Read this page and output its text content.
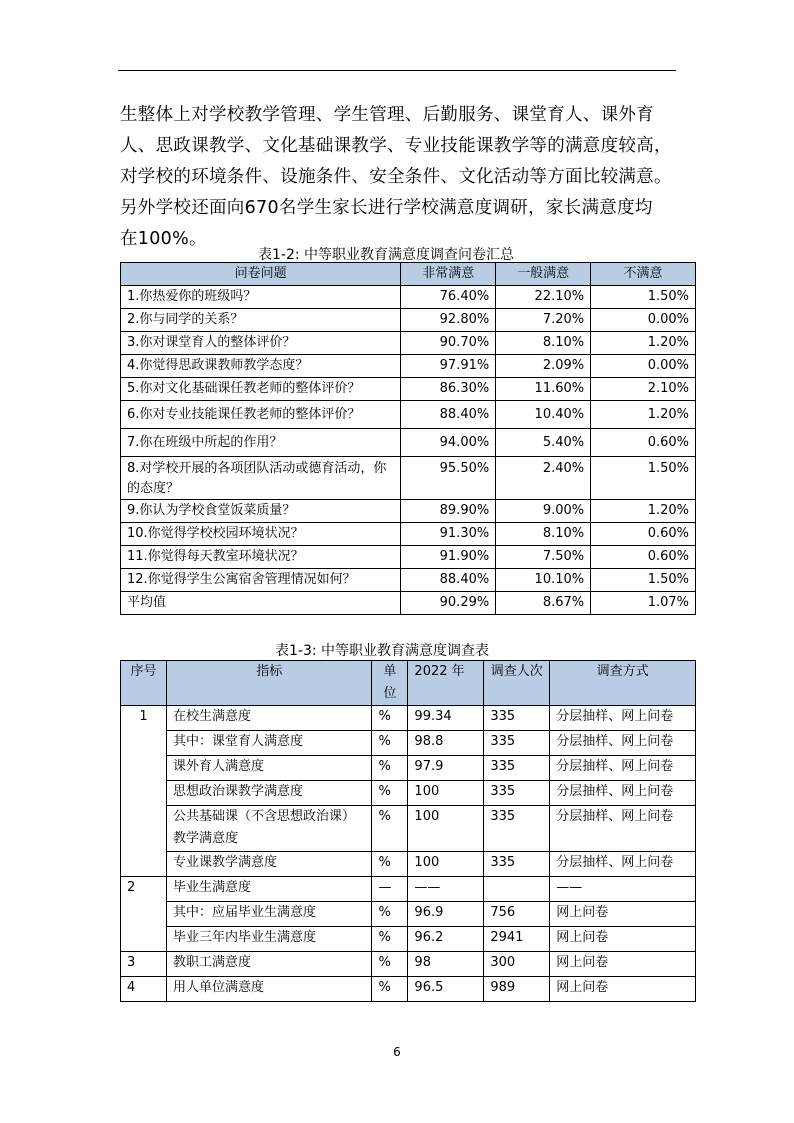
生整体上对学校教学管理、学生管理、后勤服务、课堂育人、课外育
人、思政课教学、文化基础课教学、专业技能课教学等的满意度较高，
对学校的环境条件、设施条件、安全条件、文化活动等方面比较满意。
另外学校还面向670名学生家长进行学校满意度调研，家长满意度均
在100%。
表1-2: 中等职业教育满意度调查问卷汇总
问卷问题	非常满意	一般满意	不满意
1.你热爱你的班级吗？	76.40%	22.10%	1.50%
2.你与同学的关系？	92.80%	7.20%	0.00%
3.你对课堂育人的整体评价？	90.70%	8.10%	1.20%
4.你觉得思政课教师教学态度？	97.91%	2.09%	0.00%
5.你对文化基础课任教老师的整体评价？	86.30%	11.60%	2.10%
6.你对专业技能课任教老师的整体评价？	88.40%	10.40%	1.20%
7.你在班级中所起的作用？	94.00%	5.40%	0.60%
8.对学校开展的各项团队活动或德育活动，你的态度？	95.50%	2.40%	1.50%
9.你认为学校食堂饭菜质量？	89.90%	9.00%	1.20%
10.你觉得学校校园环境状况？	91.30%	8.10%	0.60%
11.你觉得每天教室环境状况？	91.90%	7.50%	0.60%
12.你觉得学生公寓宿舍管理情况如何？	88.40%	10.10%	1.50%
平均值	90.29%	8.67%	1.07%
表1-3: 中等职业教育满意度调查表
序号	指标	单位	2022 年	调查人次	调查方式
1	在校生满意度	%	99.34	335	分层抽样、网上问卷
	其中：课堂育人满意度	%	98.8	335	分层抽样、网上问卷
	课外育人满意度	%	97.9	335	分层抽样、网上问卷
	思想政治课教学满意度	%	100	335	分层抽样、网上问卷
	公共基础课（不含思想政治课）教学满意度	%	100	335	分层抽样、网上问卷
	专业课教学满意度	%	100	335	分层抽样、网上问卷
2	毕业生满意度	—	——		——
	其中：应届毕业生满意度	%	96.9	756	网上问卷
	毕业三年内毕业生满意度	%	96.2	2941	网上问卷
3	教职工满意度	%	98	300	网上问卷
4	用人单位满意度	%	96.5	989	网上问卷
6
